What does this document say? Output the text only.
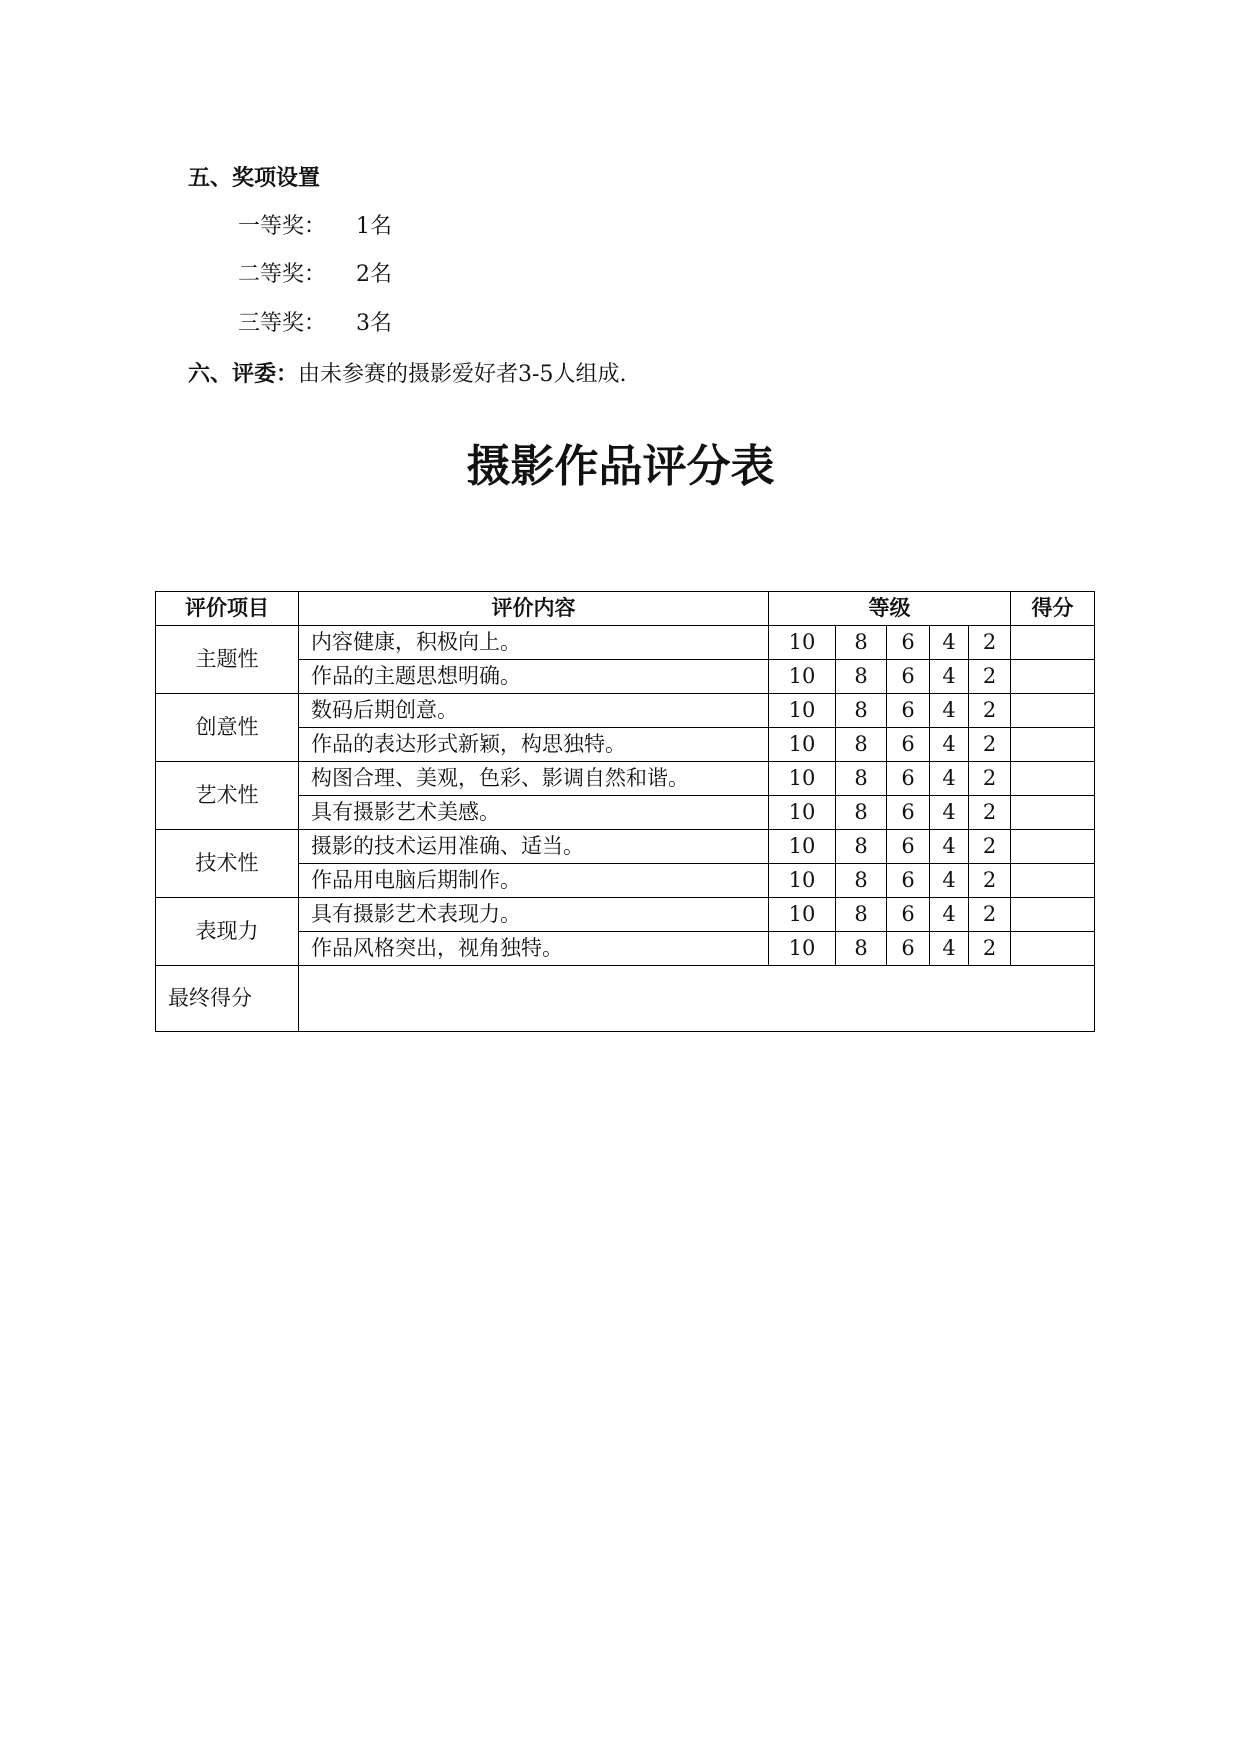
五、奖项设置
一等奖： 1名
二等奖： 2名
三等奖： 3名
六、评委：由未参赛的摄影爱好者3-5人组成.
摄影作品评分表
评价项目	评价内容	等级					得分
主题性	内容健康，积极向上。	10	8	6	4	2	
	作品的主题思想明确。	10	8	6	4	2	
创意性	数码后期创意。	10	8	6	4	2	
	作品的表达形式新颖，构思独特。	10	8	6	4	2	
艺术性	构图合理、美观，色彩、影调自然和谐。	10	8	6	4	2	
	具有摄影艺术美感。	10	8	6	4	2	
技术性	摄影的技术运用准确、适当。	10	8	6	4	2	
	作品用电脑后期制作。	10	8	6	4	2	
表现力	具有摄影艺术表现力。	10	8	6	4	2	
	作品风格突出，视角独特。	10	8	6	4	2	
最终得分							
